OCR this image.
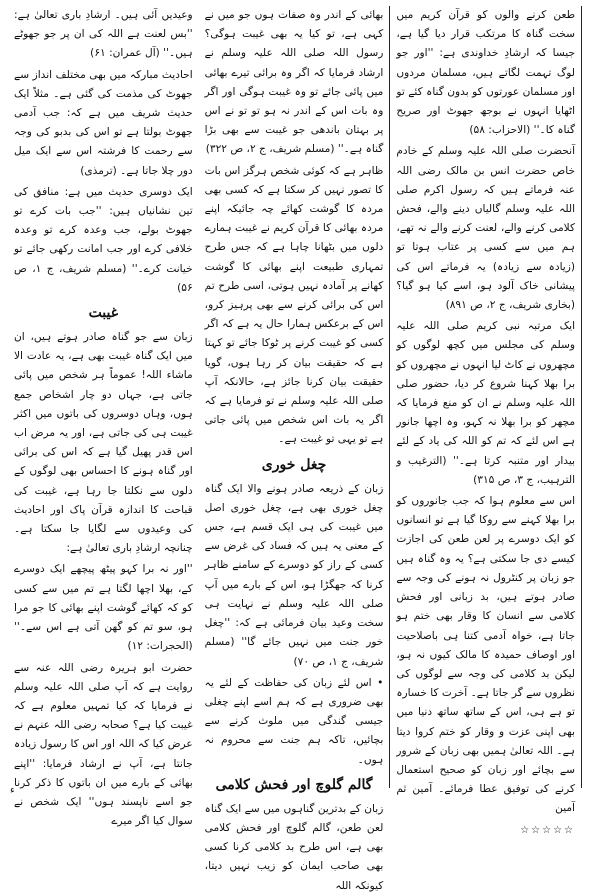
وعیدیں آئی ہیں۔ ارشادِ باری تعالیٰ ہے: ''بس لعنت ہے اللہ کی ان پر جو جھوٹے ہیں۔'' (آل عمران: ۶۱)

احادیث مبارکہ میں بھی مختلف انداز سے جھوٹ کی مذمت کی گئی ہے۔ مثلاً ایک حدیث شریف میں ہے کہ: جب آدمی جھوٹ بولتا ہے تو اس کی بدبو کی وجہ سے رحمت کا فرشتہ اس سے ایک میل دور چلا جاتا ہے۔ (ترمذی)

ایک دوسری حدیث میں ہے: منافق کی تین نشانیاں ہیں: ''جب بات کرے تو جھوٹ بولے، جب وعدہ کرے تو وعدہ خلافی کرے اور جب امانت رکھی جائے تو خیانت کرے۔'' (مسلم شریف، ج ۱، ص ۵۶)

غیبت

زبان سے جو گناہ صادر ہوتے ہیں، ان میں ایک گناہ غیبت بھی ہے، یہ عادت الا ماشاء اللہ! عموماً ہر شخص میں پائی جاتی ہے، جہاں دو چار اشخاص جمع ہوں، وہاں دوسروں کی باتوں میں اکثر غیبت ہی کی جاتی ہے، اور یہ مرض اب اس قدر پھیل گیا ہے کہ اس کی برائی اور گناہ ہونے کا احساس بھی لوگوں کے دلوں سے نکلتا جا رہا ہے، غیبت کی قباحت کا اندازہ قرآن پاک اور احادیث کی وعیدوں سے لگایا جا سکتا ہے۔ چنانچہ ارشادِ باری تعالیٰ ہے:

''اور نہ برا کہو پیٹھ پیچھے ایک دوسرے کے، بھلا اچھا لگتا ہے تم میں سے کسی کو کہ کھائے گوشت اپنے بھائی کا جو مرا ہو، سو تم کو گھن آتی ہے اس سے۔'' (الحجرات: ۱۲)

حضرت ابو ہریرہ رضی اللہ عنہ سے روایت ہے کہ آپ صلی اللہ علیہ وسلم نے فرمایا کہ کیا تمہیں معلوم ہے کہ غیبت کیا ہے؟ صحابہ رضی اللہ عنہم نے عرض کیا کہ اللہ اور اس کا رسول زیادہ جانتا ہے، آپ نے ارشاد فرمایا: ''اپنے بھائی کے بارے میں ان باتوں کا ذکر کرنا جو اسے ناپسند ہوں'' ایک شخص نے سوال کیا اگر میرے

بھائی کے اندر وہ صفات ہوں جو میں نے کہی ہے، تو کیا یہ بھی غیبت ہوگی؟ رسول اللہ صلی اللہ علیہ وسلم نے ارشاد فرمایا کہ اگر وہ برائی تیرے بھائی میں پائی جائے تو وہ غیبت ہوگی اور اگر وہ بات اس کے اندر نہ ہو تو تو نے اس پر بہتان باندھی جو غیبت سے بھی بڑا گناہ ہے۔'' (مسلم شریف، ج ۲، ص ۳۲۲)

ظاہر ہے کہ کوئی شخص ہرگز اس بات کا تصور نہیں کر سکتا ہے کہ کسی بھی مردہ کا گوشت کھائے چہ جائیکہ اپنے مردہ بھائی کا قرآن کریم نے غیبت ہمارے دلوں میں بٹھانا چاہا ہے کہ جس طرح تمہاری طبیعت اپنے بھائی کا گوشت کھانے پر آمادہ نہیں ہوتی، اسی طرح تم اس کی برائی کرنے سے بھی پرہیز کرو، اس کے برعکس ہمارا حال یہ ہے کہ اگر کسی کو غیبت کرنے پر ٹوکا جائے تو کہتا ہے کہ حقیقت بیان کر رہا ہوں، گویا حقیقت بیان کرنا جائز ہے، حالانکہ آپ صلی اللہ علیہ وسلم نے تو فرمایا ہے کہ اگر یہ بات اس شخص میں پائی جاتی ہے تو یہی تو غیبت ہے۔

چغل خوری

زبان کے ذریعہ صادر ہونے والا ایک گناہ چغل خوری بھی ہے، چغل خوری اصل میں غیبت کی ہی ایک قسم ہے، جس کے معنی یہ ہیں کہ فساد کی غرض سے کسی کے راز کو دوسرے کے سامنے ظاہر کرنا کہ جھگڑا ہو، اس کے بارے میں آپ صلی اللہ علیہ وسلم نے نہایت ہی سخت وعید بیان فرمائی ہے کہ: ''چغل خور جنت میں نہیں جائے گا'' (مسلم شریف، ج ۱، ص ۷۰)

• اس لئے زبان کی حفاظت کے لئے یہ بھی ضروری ہے کہ ہم اسے اپنے چغلی جیسی گندگی میں ملوث کرنے سے بچائیں، تاکہ ہم جنت سے محروم نہ ہوں۔

گالم گلوچ اور فحش کلامی

زبان کے بدترین گناہوں میں سے ایک گناہ لعن طعن، گالم گلوچ اور فحش کلامی بھی ہے، اس طرح بد کلامی کرنا کسی بھی صاحب ایمان کو زیب نہیں دیتا، کیونکہ اللہ

طعن کرنے والوں کو قرآن کریم میں سخت گناہ کا مرتکب قرار دیا گیا ہے، جیسا کہ ارشادِ خداوندی ہے: ''اور جو لوگ تہمت لگاتے ہیں، مسلمان مردوں اور مسلمان عورتوں کو بدون گناہ کئے تو اٹھایا انہوں نے بوجھ جھوٹ اور صریح گناہ کا۔'' (الاحزاب: ۵۸)

آنحضرت صلی اللہ علیہ وسلم کے خادم خاص حضرت انس بن مالک رضی اللہ عنہ فرماتے ہیں کہ رسول اکرم صلی اللہ علیہ وسلم گالیاں دینے والے، فحش کلامی کرنے والے، لعنت کرنے والے نہ تھے، ہم میں سے کسی پر عتاب ہوتا تو (زیادہ سے زیادہ) یہ فرماتے اس کی پیشانی خاک آلود ہو، اسے کیا ہو گیا؟ (بخاری شریف، ج ۲، ص ۸۹۱)

ایک مرتبہ نبی کریم صلی اللہ علیہ وسلم کی مجلس میں کچھ لوگوں کو مچھروں نے کاٹ لیا انہوں نے مچھروں کو برا بھلا کہنا شروع کر دیا، حضور صلی اللہ علیہ وسلم نے ان کو منع فرمایا کہ مچھر کو برا بھلا نہ کہو، وہ اچھا جانور ہے اس لئے کہ تم کو اللہ کی یاد کے لئے بیدار اور متنبہ کرتا ہے۔'' (الترغیب و الترہیب، ج ۳، ص ۳۱۵)

اس سے معلوم ہوا کہ جب جانوروں کو برا بھلا کہنے سے روکا گیا ہے تو انسانوں کو ایک دوسرے پر لعن طعن کی اجازت کیسے دی جا سکتی ہے؟ یہ وہ گناہ ہیں جو زبان پر کنٹرول نہ ہونے کی وجہ سے صادر ہوتے ہیں، بد زبانی اور فحش کلامی سے انسان کا وقار بھی ختم ہو جاتا ہے، خواہ آدمی کتنا ہی باصلاحیت اور اوصاف حمیدہ کا مالک کیوں نہ ہو، لیکن بد کلامی کی وجہ سے لوگوں کی نظروں سے گر جاتا ہے۔ آخرت کا خسارہ تو ہے ہی، اس کے ساتھ ساتھ دنیا میں بھی اپنی عزت و وقار کو ختم کروا دیتا ہے۔ اللہ تعالیٰ ہمیں بھی زبان کے شرور سے بچائے اور زبان کو صحیح استعمال کرنے کی توفیق عطا فرمائے۔ آمین ثم آمین

☆☆☆☆☆
ء
